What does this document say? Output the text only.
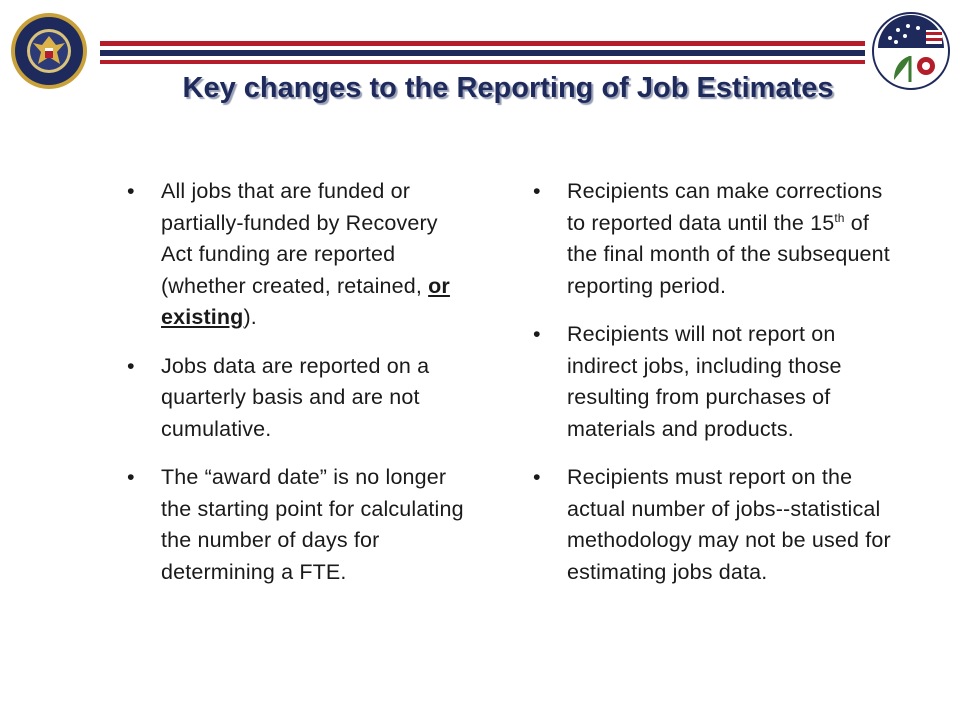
Key changes to the Reporting of Job Estimates
• All jobs that are funded or partially-funded by Recovery Act funding are reported (whether created, retained, or existing).
• Jobs data are reported on a quarterly basis and are not cumulative.
• The “award date” is no longer the starting point for calculating the number of days for determining a FTE.
• Recipients can make corrections to reported data until the 15th of the final month of the subsequent reporting period.
• Recipients will not report on indirect jobs, including those resulting from purchases of materials and products.
• Recipients must report on the actual number of jobs--statistical methodology may not be used for estimating jobs data.
